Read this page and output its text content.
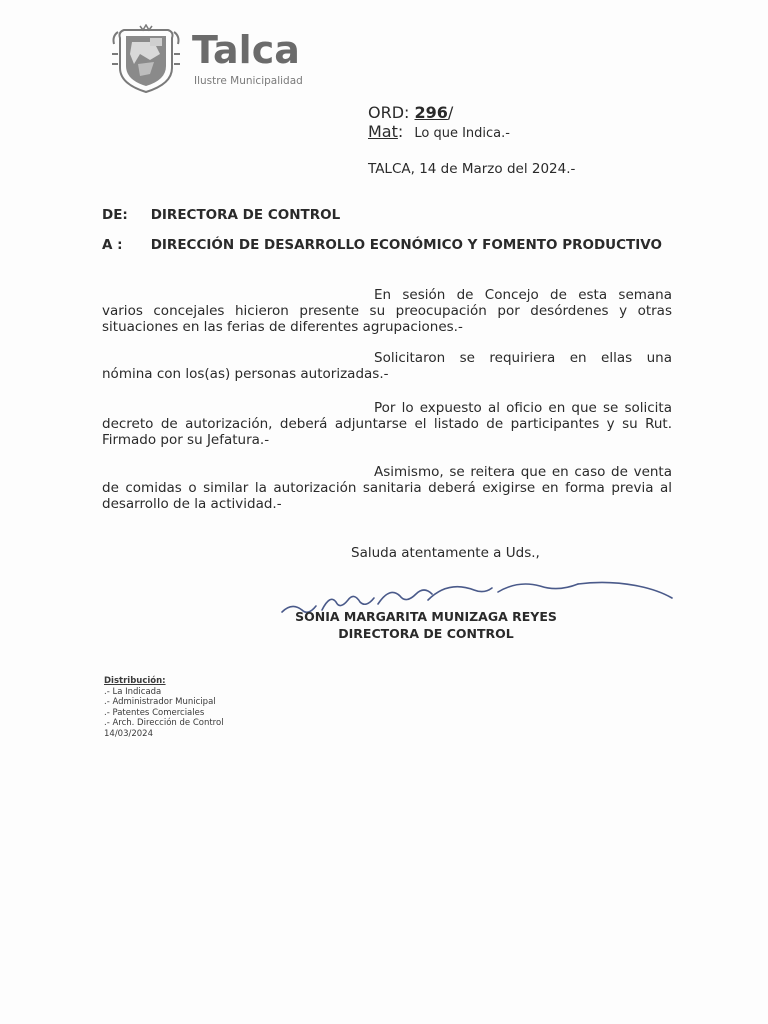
Talca
Ilustre Municipalidad
ORD: 296/
Mat: Lo que Indica.-
TALCA, 14 de Marzo del 2024.-
DE: DIRECTORA DE CONTROL
A : DIRECCIÓN DE DESARROLLO ECONÓMICO Y FOMENTO PRODUCTIVO
En sesión de Concejo de esta semana varios concejales hicieron presente su preocupación por desórdenes y otras situaciones en las ferias de diferentes agrupaciones.-
Solicitaron se requiriera en ellas una nómina con los(as) personas autorizadas.-
Por lo expuesto al oficio en que se solicita decreto de autorización, deberá adjuntarse el listado de participantes y su Rut. Firmado por su Jefatura.-
Asimismo, se reitera que en caso de venta de comidas o similar la autorización sanitaria deberá exigirse en forma previa al desarrollo de la actividad.-
Saluda atentamente a Uds.,
SONIA MARGARITA MUNIZAGA REYES
DIRECTORA DE CONTROL
Distribución:
.- La Indicada
.- Administrador Municipal
.- Patentes Comerciales
.- Arch. Dirección de Control
14/03/2024
